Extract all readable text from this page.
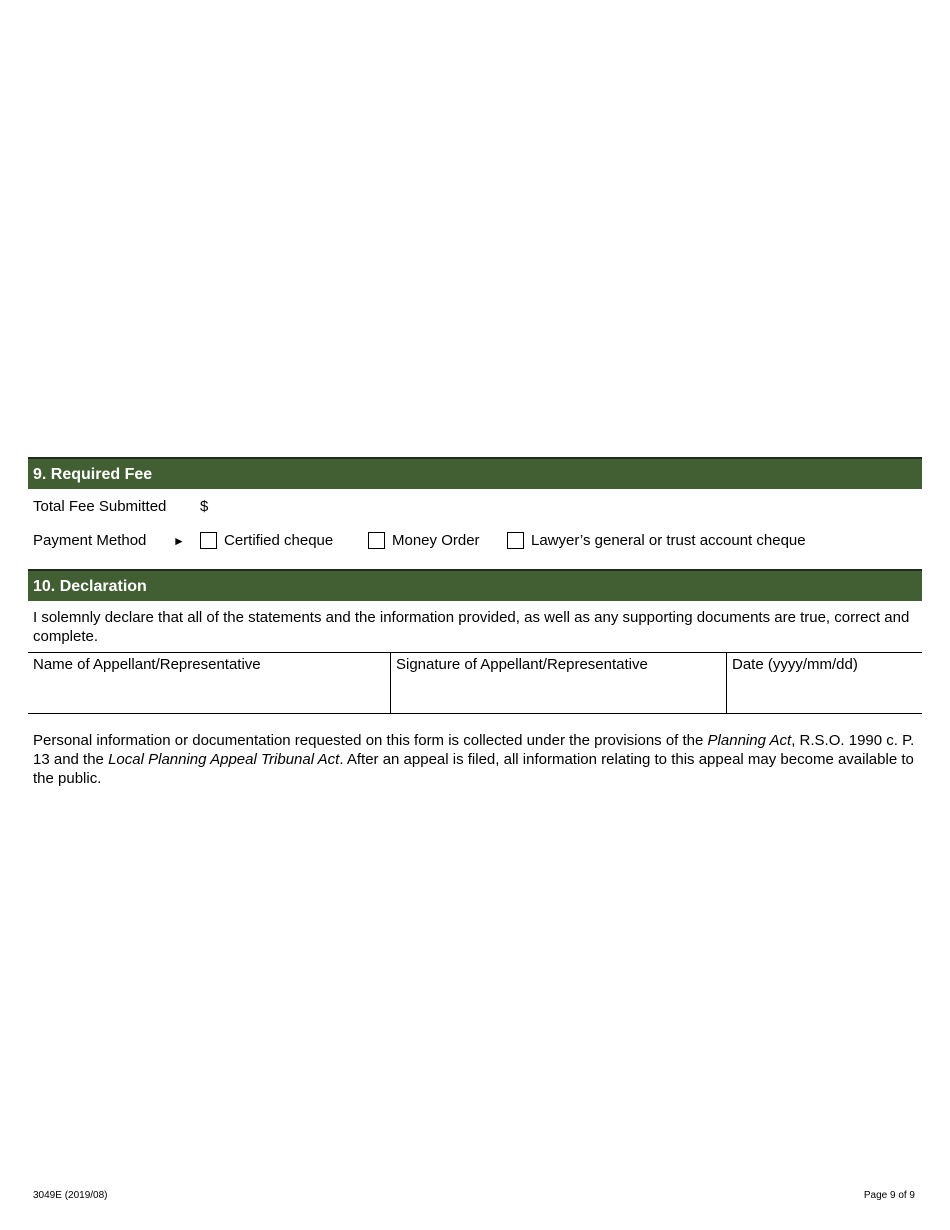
9. Required Fee
Total Fee Submitted $
Payment Method ►	Certified cheque	Money Order	Lawyer’s general or trust account cheque
10. Declaration
I solemnly declare that all of the statements and the information provided, as well as any supporting documents are true, correct and complete.
Name of Appellant/Representative	Signature of Appellant/Representative	Date (yyyy/mm/dd)
Personal information or documentation requested on this form is collected under the provisions of the Planning Act, R.S.O. 1990 c. P. 13 and the Local Planning Appeal Tribunal Act. After an appeal is filed, all information relating to this appeal may become available to the public.
3049E (2019/08)	Page 9 of 9
